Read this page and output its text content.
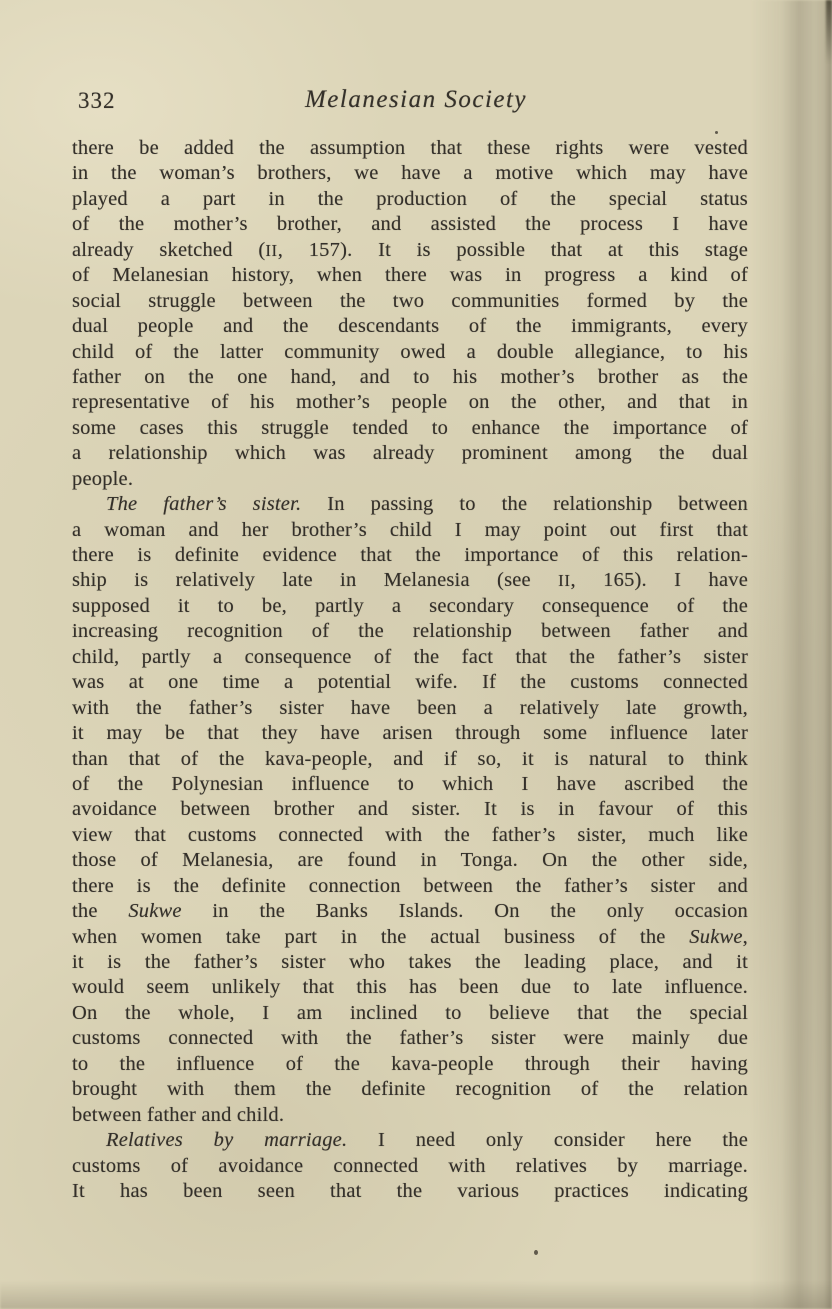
332	Melanesian Society
there be added the assumption that these rights were vested
in the woman’s brothers, we have a motive which may have
played a part in the production of the special status
of the mother’s brother, and assisted the process I have
already sketched (II, 157). It is possible that at this stage
of Melanesian history, when there was in progress a kind of
social struggle between the two communities formed by the
dual people and the descendants of the immigrants, every
child of the latter community owed a double allegiance, to his
father on the one hand, and to his mother’s brother as the
representative of his mother’s people on the other, and that in
some cases this struggle tended to enhance the importance of
a relationship which was already prominent among the dual
people.
The father’s sister. In passing to the relationship between
a woman and her brother’s child I may point out first that
there is definite evidence that the importance of this relation-
ship is relatively late in Melanesia (see II, 165). I have
supposed it to be, partly a secondary consequence of the
increasing recognition of the relationship between father and
child, partly a consequence of the fact that the father’s sister
was at one time a potential wife. If the customs connected
with the father’s sister have been a relatively late growth,
it may be that they have arisen through some influence later
than that of the kava-people, and if so, it is natural to think
of the Polynesian influence to which I have ascribed the
avoidance between brother and sister. It is in favour of this
view that customs connected with the father’s sister, much like
those of Melanesia, are found in Tonga. On the other side,
there is the definite connection between the father’s sister and
the Sukwe in the Banks Islands. On the only occasion
when women take part in the actual business of the Sukwe,
it is the father’s sister who takes the leading place, and it
would seem unlikely that this has been due to late influence.
On the whole, I am inclined to believe that the special
customs connected with the father’s sister were mainly due
to the influence of the kava-people through their having
brought with them the definite recognition of the relation
between father and child.
Relatives by marriage. I need only consider here the
customs of avoidance connected with relatives by marriage.
It has been seen that the various practices indicating
